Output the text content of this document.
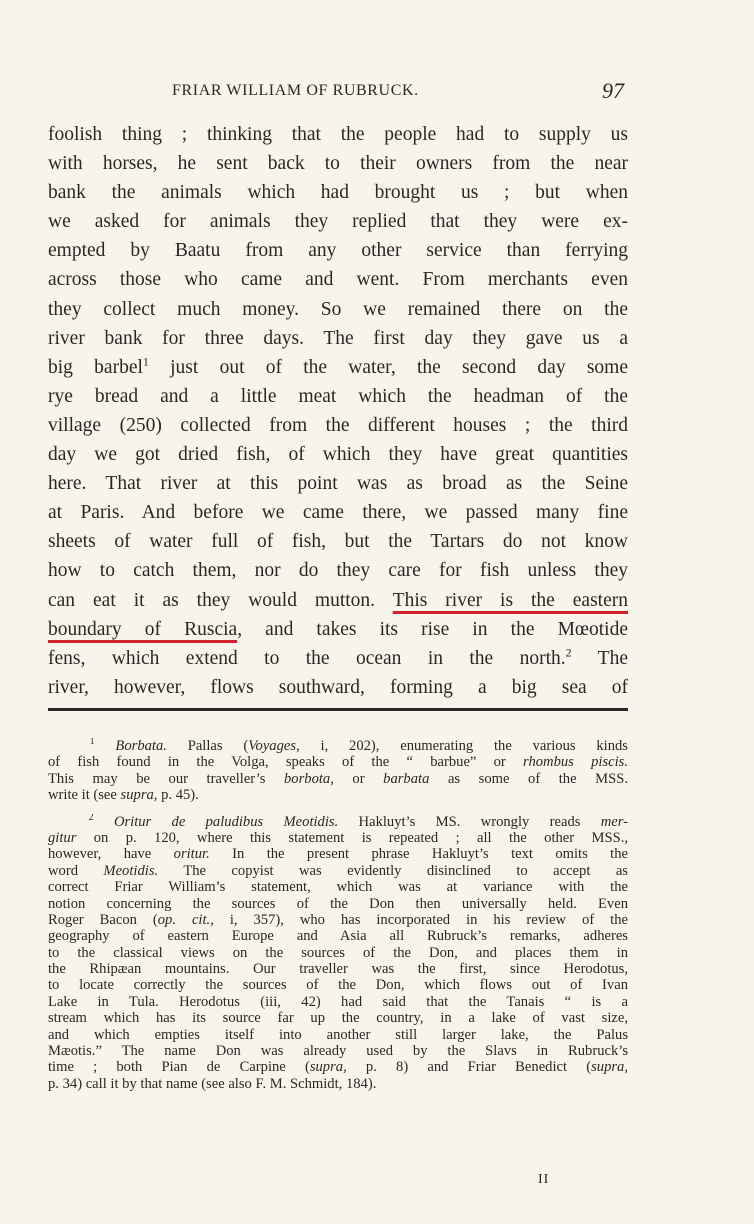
FRIAR WILLIAM OF RUBRUCK.	97
foolish thing ; thinking that the people had to supply us
with horses, he sent back to their owners from the near
bank the animals which had brought us ; but when
we asked for animals they replied that they were ex-
empted by Baatu from any other service than ferrying
across those who came and went. From merchants even
they collect much money. So we remained there on the
river bank for three days. The first day they gave us a
big barbel$^1$ just out of the water, the second day some
rye bread and a little meat which the headman of the
village (250) collected from the different houses ; the third
day we got dried fish, of which they have great quantities
here. That river at this point was as broad as the Seine
at Paris. And before we came there, we passed many fine
sheets of water full of fish, but the Tartars do not know
how to catch them, nor do they care for fish unless they
can eat it as they would mutton. This river is the eastern
boundary of Ruscia, and takes its rise in the Mœotide
fens, which extend to the ocean in the north.$^2$ The
river, however, flows southward, forming a big sea of
$^1$ Borbata. Pallas (Voyages, i, 202), enumerating the various kinds
of fish found in the Volga, speaks of the “ barbue” or rhombus piscis.
This may be our traveller’s borbota, or barbata as some of the MSS.
write it (see supra, p. 45).
$^2$ Oritur de paludibus Meotidis. Hakluyt’s MS. wrongly reads mer-
gitur on p. 120, where this statement is repeated ; all the other MSS.,
however, have oritur. In the present phrase Hakluyt’s text omits the
word Meotidis. The copyist was evidently disinclined to accept as
correct Friar William’s statement, which was at variance with the
notion concerning the sources of the Don then universally held. Even
Roger Bacon (op. cit., i, 357), who has incorporated in his review of the
geography of eastern Europe and Asia all Rubruck’s remarks, adheres
to the classical views on the sources of the Don, and places them in
the Rhipæan mountains. Our traveller was the first, since Herodotus,
to locate correctly the sources of the Don, which flows out of Ivan
Lake in Tula. Herodotus (iii, 42) had said that the Tanais “ is a
stream which has its source far up the country, in a lake of vast size,
and which empties itself into another still larger lake, the Palus
Mæotis.” The name Don was already used by the Slavs in Rubruck’s
time ; both Pian de Carpine (supra, p. 8) and Friar Benedict (supra,
p. 34) call it by that name (see also F. M. Schmidt, 184).
II
